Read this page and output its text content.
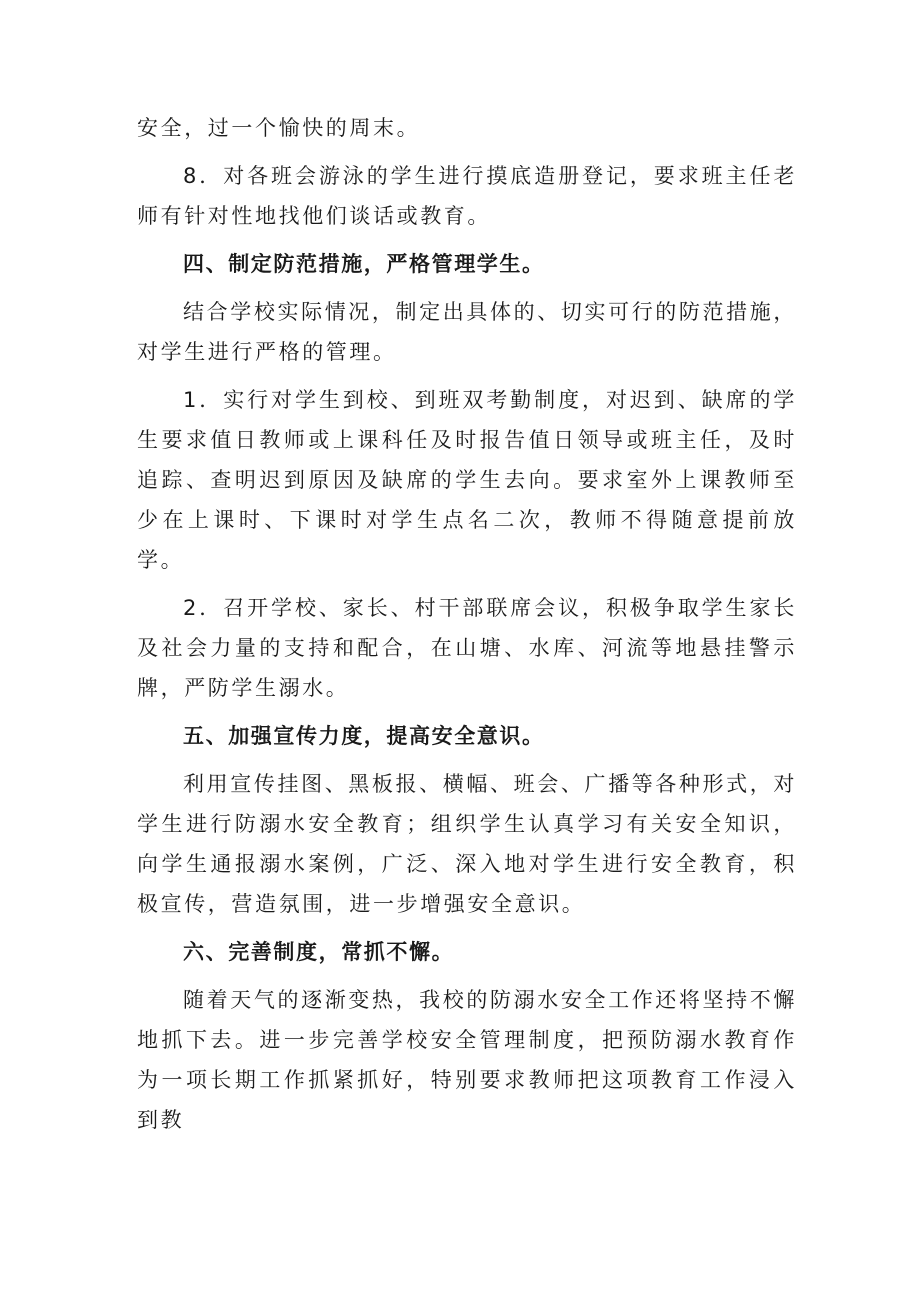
安全，过一个愉快的周末。

8．对各班会游泳的学生进行摸底造册登记，要求班主任老师有针对性地找他们谈话或教育。

四、制定防范措施，严格管理学生。

结合学校实际情况，制定出具体的、切实可行的防范措施，对学生进行严格的管理。

1．实行对学生到校、到班双考勤制度，对迟到、缺席的学生要求值日教师或上课科任及时报告值日领导或班主任，及时追踪、查明迟到原因及缺席的学生去向。要求室外上课教师至少在上课时、下课时对学生点名二次，教师不得随意提前放学。

2．召开学校、家长、村干部联席会议，积极争取学生家长及社会力量的支持和配合，在山塘、水库、河流等地悬挂警示牌，严防学生溺水。

五、加强宣传力度，提高安全意识。

利用宣传挂图、黑板报、横幅、班会、广播等各种形式，对学生进行防溺水安全教育；组织学生认真学习有关安全知识，向学生通报溺水案例，广泛、深入地对学生进行安全教育，积极宣传，营造氛围，进一步增强安全意识。

六、完善制度，常抓不懈。

随着天气的逐渐变热，我校的防溺水安全工作还将坚持不懈地抓下去。进一步完善学校安全管理制度，把预防溺水教育作为一项长期工作抓紧抓好，特别要求教师把这项教育工作浸入到教
